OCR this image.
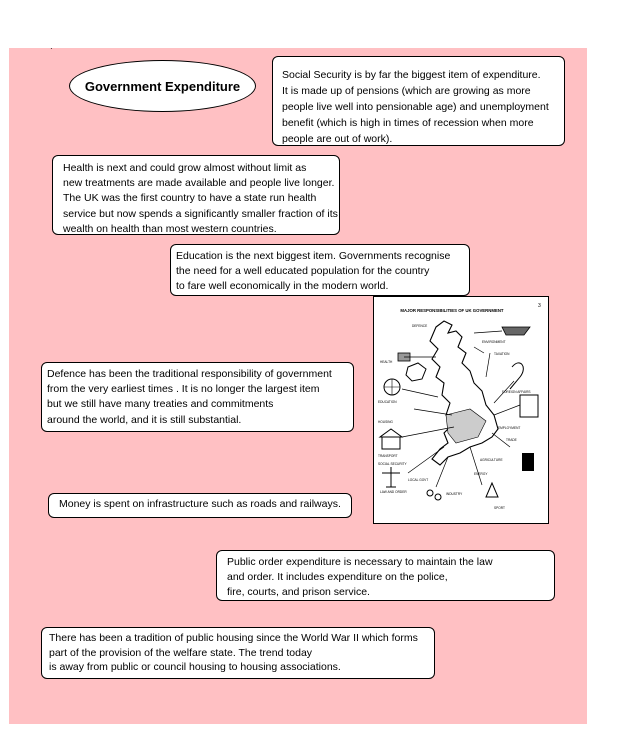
·
Government Expenditure
Social Security is by far the biggest item of expenditure.
It is made up of pensions (which are growing as more
people live well into pensionable age) and unemployment
benefit (which is high in times of recession when more
people are out of work).
Health is next and could grow almost without limit as
new treatments are made available and people live longer.
The UK was the first country to have a state run health
service but now spends a significantly smaller fraction of its
wealth on health than most western countries.
Education is the next biggest item. Governments recognise
the need for a well educated population for the country
to fare well economically in the modern world.
Defence has been the traditional responsibility of government
from the very earliest times . It is no longer the largest item
but we still have many treaties and commitments
around the world, and it is still substantial.
Money is spent on infrastructure such as roads and railways.
Public order expenditure is necessary to maintain the law
and order. It includes expenditure on the police,
fire, courts, and prison service.
There has been a tradition of public housing since the World War II which forms
part of the provision of the welfare state. The trend today
is away from public or council housing to housing associations.
MAJOR RESPONSIBILITIES OF UK GOVERNMENT
3
HEALTH
DEFENCE
EDUCATION
HOUSING
TRANSPORT
SOCIAL SECURITY
LAW AND ORDER
ENVIRONMENT
TAXATION
FOREIGN AFFAIRS
EMPLOYMENT
TRADE
AGRICULTURE
ENERGY
LOCAL GOVT
INDUSTRY
SPORT
